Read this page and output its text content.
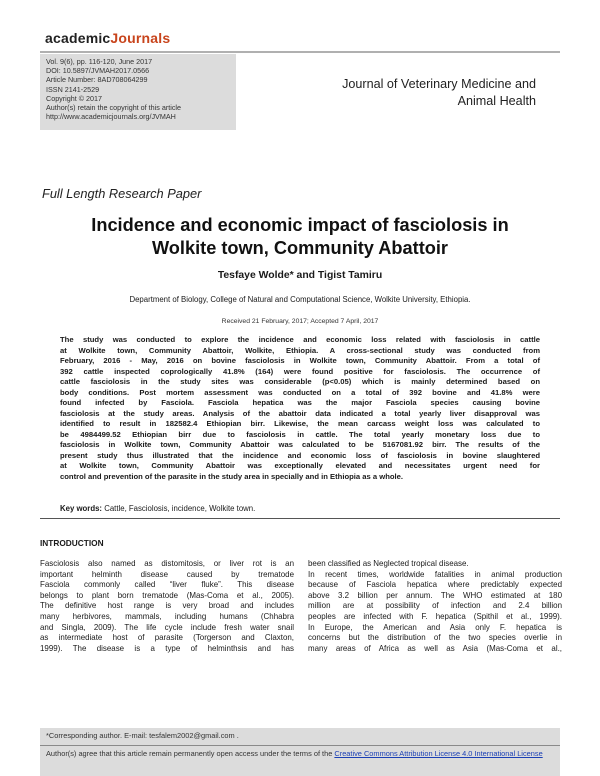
academicJournals
Vol. 9(6), pp. 116-120, June 2017
DOI: 10.5897/JVMAH2017.0566
Article Number: 8AD708064299
ISSN 2141-2529
Copyright © 2017
Author(s) retain the copyright of this article
http://www.academicjournals.org/JVMAH
Journal of Veterinary Medicine and
Animal Health
Full Length Research Paper
Incidence and economic impact of fasciolosis in
Wolkite town, Community Abattoir
Tesfaye Wolde* and Tigist Tamiru
Department of Biology, College of Natural and Computational Science, Wolkite University, Ethiopia.
Received 21 February, 2017; Accepted 7 April, 2017
The study was conducted to explore the incidence and economic loss related with fasciolosis in cattle
at Wolkite town, Community Abattoir, Wolkite, Ethiopia. A cross-sectional study was conducted from
February, 2016 - May, 2016 on bovine fasciolosis in Wolkite town, Community Abattoir. From a total of
392 cattle inspected coprologically 41.8% (164) were found positive for fasciolosis. The occurrence of
cattle fasciolosis in the study sites was considerable (p<0.05) which is mainly determined based on
body conditions. Post mortem assessment was conducted on a total of 392 bovine and 41.8% were
found infected by Fasciola. Fasciola hepatica was the major Fasciola species causing bovine
fasciolosis at the study areas. Analysis of the abattoir data indicated a total yearly liver disapproval was
identified to result in 182582.4 Ethiopian birr. Likewise, the mean carcass weight loss was calculated to
be 4984499.52 Ethiopian birr due to fasciolosis in cattle. The total yearly monetary loss due to
fasciolosis in Wolkite town, Community Abattoir was calculated to be 5167081.92 birr. The results of the
present study thus illustrated that the incidence and economic loss of fasciolosis in bovine slaughtered
at Wolkite town, Community Abattoir was exceptionally elevated and necessitates urgent need for
control and prevention of the parasite in the study area in specially and in Ethiopia as a whole.
Key words: Cattle, Fasciolosis, incidence, Wolkite town.
INTRODUCTION
Fasciolosis also named as distomitosis, or liver rot is an
important helminth disease caused by trematode
Fasciola commonly called “liver fluke”. This disease
belongs to plant born trematode (Mas-Coma et al., 2005).
The definitive host range is very broad and includes
many herbivores, mammals, including humans (Chhabra
and Singla, 2009). The life cycle include fresh water snail
as intermediate host of parasite (Torgerson and Claxton,
1999). The disease is a type of helminthsis and has
been classified as Neglected tropical disease.
In recent times, worldwide fatalities in animal production
because of Fasciola hepatica where predictably expected
above 3.2 billion per annum. The WHO estimated at 180
million are at possibility of infection and 2.4 billion
peoples are infected with F. hepatica (Spithil et al., 1999).
In Europe, the American and Asia only F. hepatica is
concerns but the distribution of the two species overlie in
many areas of Africa as well as Asia (Mas-Coma et al.,
*Corresponding author. E-mail: tesfalem2002@gmail.com .
Author(s) agree that this article remain permanently open access under the terms of the Creative Commons Attribution License 4.0 International License
